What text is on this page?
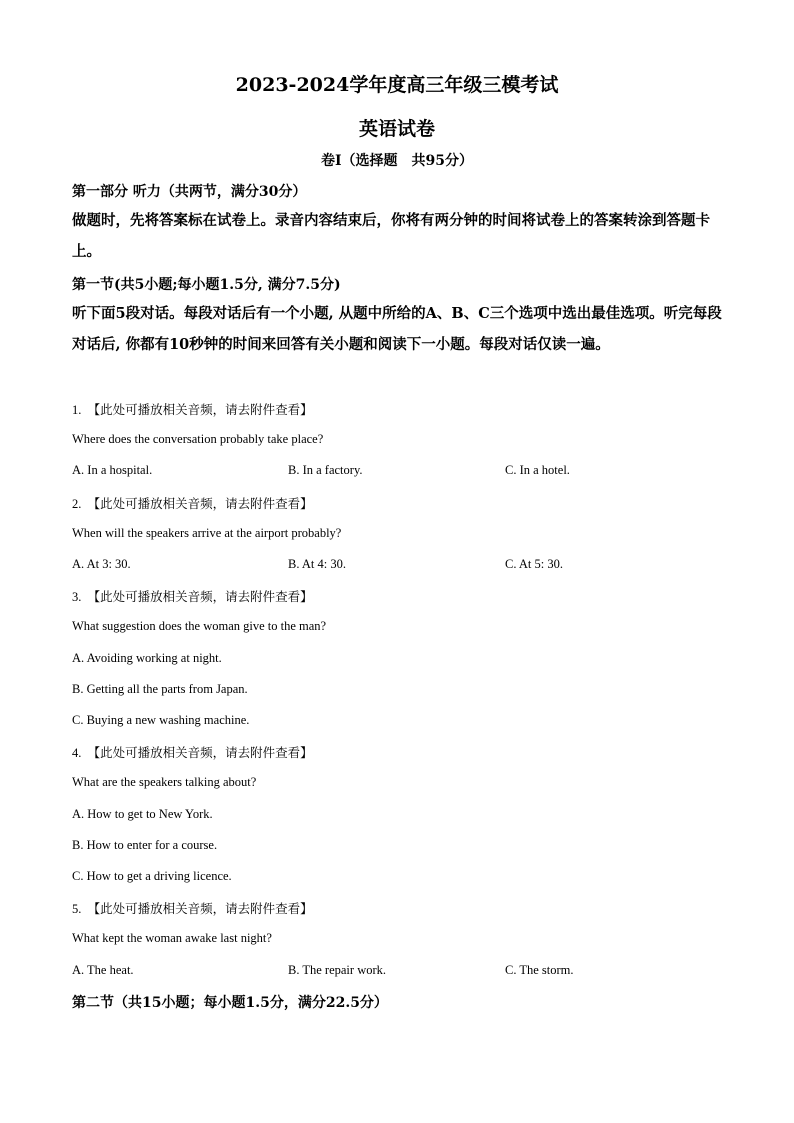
2023-2024学年度高三年级三模考试
英语试卷
卷Ⅰ（选择题　共95分）
第一部分 听力（共两节，满分30分）
做题时，先将答案标在试卷上。录音内容结束后，你将有两分钟的时间将试卷上的答案转涂到答题卡上。
第一节(共5小题;每小题1.5分, 满分7.5分)
听下面5段对话。每段对话后有一个小题, 从题中所给的A、B、C三个选项中选出最佳选项。听完每段对话后, 你都有10秒钟的时间来回答有关小题和阅读下一小题。每段对话仅读一遍。
1.　【此处可播放相关音频，请去附件查看】
Where does the conversation probably take place?
A. In a hospital.	B. In a factory.	C. In a hotel.
2.　【此处可播放相关音频，请去附件查看】
When will the speakers arrive at the airport probably?
A. At 3: 30.	B. At 4: 30.	C. At 5: 30.
3.　【此处可播放相关音频，请去附件查看】
What suggestion does the woman give to the man?
A. Avoiding working at night.
B. Getting all the parts from Japan.
C. Buying a new washing machine.
4.　【此处可播放相关音频，请去附件查看】
What are the speakers talking about?
A. How to get to New York.
B. How to enter for a course.
C. How to get a driving licence.
5.　【此处可播放相关音频，请去附件查看】
What kept the woman awake last night?
A. The heat.	B. The repair work.	C. The storm.
第二节（共15小题；每小题1.5分，满分22.5分）
